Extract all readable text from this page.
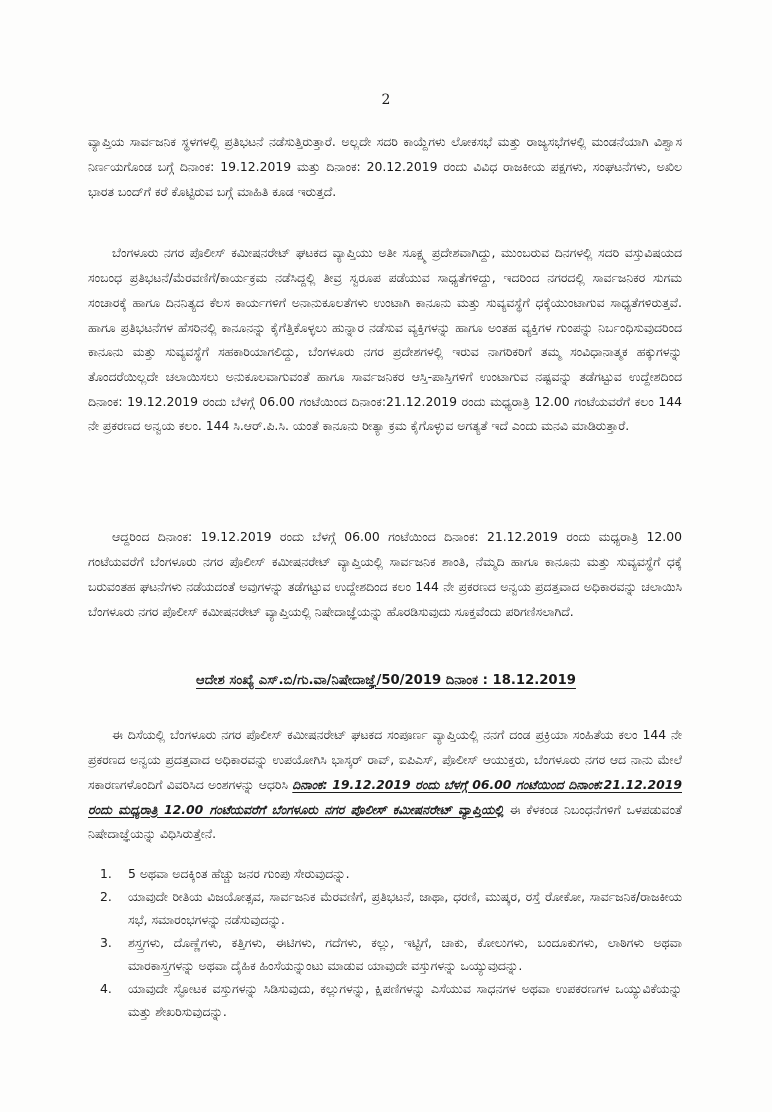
2

ವ್ಯಾಪ್ತಿಯ ಸಾರ್ವಜನಿಕ ಸ್ಥಳಗಳಲ್ಲಿ ಪ್ರತಿಭಟನೆ ನಡೆಸುತ್ತಿರುತ್ತಾರೆ. ಅಲ್ಲದೇ ಸದರಿ ಕಾಯ್ದೆಗಳು ಲೋಕಸಭೆ ಮತ್ತು ರಾಜ್ಯಸಭೆಗಳಲ್ಲಿ ಮಂಡನೆಯಾಗಿ ವಿಶ್ವಾಸ ನಿರ್ಣಯಗೊಂಡ ಬಗ್ಗೆ ದಿನಾಂಕ: 19.12.2019 ಮತ್ತು ದಿನಾಂಕ: 20.12.2019 ರಂದು ವಿವಿಧ ರಾಜಕೀಯ ಪಕ್ಷಗಳು, ಸಂಘಟನೆಗಳು, ಅಖಿಲ ಭಾರತ ಬಂದ್‌ಗೆ ಕರೆ ಕೊಟ್ಟಿರುವ ಬಗ್ಗೆ ಮಾಹಿತಿ ಕೂಡ ಇರುತ್ತದೆ.

ಬೆಂಗಳೂರು ನಗರ ಪೊಲೀಸ್ ಕಮೀಷನರೇಟ್ ಘಟಕದ ವ್ಯಾಪ್ತಿಯು ಅತೀ ಸೂಕ್ಷ್ಮ ಪ್ರದೇಶವಾಗಿದ್ದು, ಮುಂಬರುವ ದಿನಗಳಲ್ಲಿ ಸದರಿ ವಸ್ತುವಿಷಯದ ಸಂಬಂಧ ಪ್ರತಿಭಟನೆ/ಮೆರವಣಿಗೆ/ಕಾರ್ಯಕ್ರಮ ನಡೆಸಿದ್ದಲ್ಲಿ ತೀವ್ರ ಸ್ವರೂಪ ಪಡೆಯುವ ಸಾಧ್ಯತೆಗಳಿದ್ದು, ಇದರಿಂದ ನಗರದಲ್ಲಿ ಸಾರ್ವಜನಿಕರ ಸುಗಮ ಸಂಚಾರಕ್ಕೆ ಹಾಗೂ ದಿನನಿತ್ಯದ ಕೆಲಸ ಕಾರ್ಯಗಳಿಗೆ ಅನಾನುಕೂಲತೆಗಳು ಉಂಟಾಗಿ ಕಾನೂನು ಮತ್ತು ಸುವ್ಯವಸ್ಥೆಗೆ ಧಕ್ಕೆಯುಂಟಾಗುವ ಸಾಧ್ಯತೆಗಳಿರುತ್ತವೆ. ಹಾಗೂ ಪ್ರತಿಭಟನೆಗಳ ಹೆಸರಿನಲ್ಲಿ ಕಾನೂನನ್ನು ಕೈಗೆತ್ತಿಕೊಳ್ಳಲು ಹುನ್ನಾರ ನಡೆಸುವ ವ್ಯಕ್ತಿಗಳನ್ನು ಹಾಗೂ ಅಂತಹ ವ್ಯಕ್ತಿಗಳ ಗುಂಪನ್ನು ನಿರ್ಬಂಧಿಸುವುದರಿಂದ ಕಾನೂನು ಮತ್ತು ಸುವ್ಯವಸ್ಥೆಗೆ ಸಹಕಾರಿಯಾಗಲಿದ್ದು, ಬೆಂಗಳೂರು ನಗರ ಪ್ರದೇಶಗಳಲ್ಲಿ ಇರುವ ನಾಗರಿಕರಿಗೆ ತಮ್ಮ ಸಂವಿಧಾನಾತ್ಮಕ ಹಕ್ಕುಗಳನ್ನು ತೊಂದರೆಯಿಲ್ಲದೇ ಚಲಾಯಿಸಲು ಅನುಕೂಲವಾಗುವಂತೆ ಹಾಗೂ ಸಾರ್ವಜನಿಕರ ಆಸ್ತಿ-ಪಾಸ್ತಿಗಳಿಗೆ ಉಂಟಾಗುವ ನಷ್ಟವನ್ನು ತಡೆಗಟ್ಟುವ ಉದ್ದೇಶದಿಂದ ದಿನಾಂಕ: 19.12.2019 ರಂದು ಬೆಳಗ್ಗೆ 06.00 ಗಂಟೆಯಿಂದ ದಿನಾಂಕ:21.12.2019 ರಂದು ಮಧ್ಯರಾತ್ರಿ 12.00 ಗಂಟೆಯವರೆಗೆ ಕಲಂ 144 ನೇ ಪ್ರಕರಣದ ಅನ್ವಯ ಕಲಂ. 144 ಸಿ.ಆರ್.ಪಿ.ಸಿ. ಯಂತೆ ಕಾನೂನು ರೀತ್ಯಾ ಕ್ರಮ ಕೈಗೊಳ್ಳುವ ಅಗತ್ಯತೆ ಇದೆ ಎಂದು ಮನವಿ ಮಾಡಿರುತ್ತಾರೆ.

ಆದ್ದರಿಂದ ದಿನಾಂಕ: 19.12.2019 ರಂದು ಬೆಳಗ್ಗೆ 06.00 ಗಂಟೆಯಿಂದ ದಿನಾಂಕ: 21.12.2019 ರಂದು ಮಧ್ಯರಾತ್ರಿ 12.00 ಗಂಟೆಯವರೆಗೆ ಬೆಂಗಳೂರು ನಗರ ಪೊಲೀಸ್ ಕಮೀಷನರೇಟ್ ವ್ಯಾಪ್ತಿಯಲ್ಲಿ ಸಾರ್ವಜನಿಕ ಶಾಂತಿ, ನೆಮ್ಮದಿ ಹಾಗೂ ಕಾನೂನು ಮತ್ತು ಸುವ್ಯವಸ್ಥೆಗೆ ಧಕ್ಕೆ ಬರುವಂತಹ ಘಟನೆಗಳು ನಡೆಯದಂತೆ ಅವುಗಳನ್ನು ತಡೆಗಟ್ಟುವ ಉದ್ದೇಶದಿಂದ ಕಲಂ 144 ನೇ ಪ್ರಕರಣದ ಅನ್ವಯ ಪ್ರದತ್ತವಾದ ಅಧಿಕಾರವನ್ನು ಚಲಾಯಿಸಿ ಬೆಂಗಳೂರು ನಗರ ಪೊಲೀಸ್ ಕಮೀಷನರೇಟ್ ವ್ಯಾಪ್ತಿಯಲ್ಲಿ ನಿಷೇದಾಜ್ಞೆಯನ್ನು ಹೊರಡಿಸುವುದು ಸೂಕ್ತವೆಂದು ಪರಿಗಣಿಸಲಾಗಿದೆ.

ಆದೇಶ ಸಂಖ್ಯೆ ಎಸ್.ಬಿ/ಗು.ವಾ/ನಿಷೇದಾಜ್ಞೆ/50/2019 ದಿನಾಂಕ : 18.12.2019

ಈ ದಿಸೆಯಲ್ಲಿ ಬೆಂಗಳೂರು ನಗರ ಪೊಲೀಸ್ ಕಮೀಷನರೇಟ್ ಘಟಕದ ಸಂಪೂರ್ಣ ವ್ಯಾಪ್ತಿಯಲ್ಲಿ ನನಗೆ ದಂಡ ಪ್ರಕ್ರಿಯಾ ಸಂಹಿತೆಯ ಕಲಂ 144 ನೇ ಪ್ರಕರಣದ ಅನ್ವಯ ಪ್ರದತ್ತವಾದ ಅಧಿಕಾರವನ್ನು ಉಪಯೋಗಿಸಿ ಭಾಸ್ಕರ್ ರಾವ್, ಐಪಿಎಸ್, ಪೊಲೀಸ್ ಆಯುಕ್ತರು, ಬೆಂಗಳೂರು ನಗರ ಆದ ನಾನು ಮೇಲೆ ಸಕಾರಣಗಳೊಂದಿಗೆ ವಿವರಿಸಿದ ಅಂಶಗಳನ್ನು ಆಧರಿಸಿ ದಿನಾಂಕ: 19.12.2019 ರಂದು ಬೆಳಗ್ಗೆ 06.00 ಗಂಟೆಯಿಂದ ದಿನಾಂಕ:21.12.2019 ರಂದು ಮಧ್ಯರಾತ್ರಿ 12.00 ಗಂಟೆಯವರೆಗೆ ಬೆಂಗಳೂರು ನಗರ ಪೊಲೀಸ್ ಕಮೀಷನರೇಟ್ ವ್ಯಾಪ್ತಿಯಲ್ಲಿ ಈ ಕೆಳಕಂಡ ನಿಬಂಧನೆಗಳಿಗೆ ಒಳಪಡುವಂತೆ ನಿಷೇದಾಜ್ಞೆಯನ್ನು ವಿಧಿಸಿರುತ್ತೇನೆ.

1.	5 ಅಥವಾ ಅದಕ್ಕಿಂತ ಹೆಚ್ಚು ಜನರ ಗುಂಪು ಸೇರುವುದನ್ನು.
2.	ಯಾವುದೇ ರೀತಿಯ ವಿಜಯೋತ್ಸವ, ಸಾರ್ವಜನಿಕ ಮೆರವಣಿಗೆ, ಪ್ರತಿಭಟನೆ, ಜಾಥಾ, ಧರಣಿ, ಮುಷ್ಕರ, ರಸ್ತೆ ರೋಕೋ, ಸಾರ್ವಜನಿಕ/ರಾಜಕೀಯ ಸಭೆ, ಸಮಾರಂಭಗಳನ್ನು ನಡೆಸುವುದನ್ನು.
3.	ಶಸ್ತ್ರಗಳು, ದೊಣ್ಣೆಗಳು, ಕತ್ತಿಗಳು, ಈಟಿಗಳು, ಗದೆಗಳು, ಕಲ್ಲು, ಇಟ್ಟಿಗೆ, ಚಾಕು, ಕೋಲುಗಳು, ಬಂದೂಕುಗಳು, ಲಾಠಿಗಳು ಅಥವಾ ಮಾರಕಾಸ್ತ್ರಗಳನ್ನು ಅಥವಾ ದೈಹಿಕ ಹಿಂಸೆಯನ್ನುಂಟು ಮಾಡುವ ಯಾವುದೇ ವಸ್ತುಗಳನ್ನು ಒಯ್ಯುವುದನ್ನು.
4.	ಯಾವುದೇ ಸ್ಫೋಟಕ ವಸ್ತುಗಳನ್ನು ಸಿಡಿಸುವುದು, ಕಲ್ಲುಗಳನ್ನು, ಕ್ಷಿಪಣಿಗಳನ್ನು ಎಸೆಯುವ ಸಾಧನಗಳ ಅಥವಾ ಉಪಕರಣಗಳ ಒಯ್ಯುವಿಕೆಯನ್ನು ಮತ್ತು ಶೇಖರಿಸುವುದನ್ನು.
